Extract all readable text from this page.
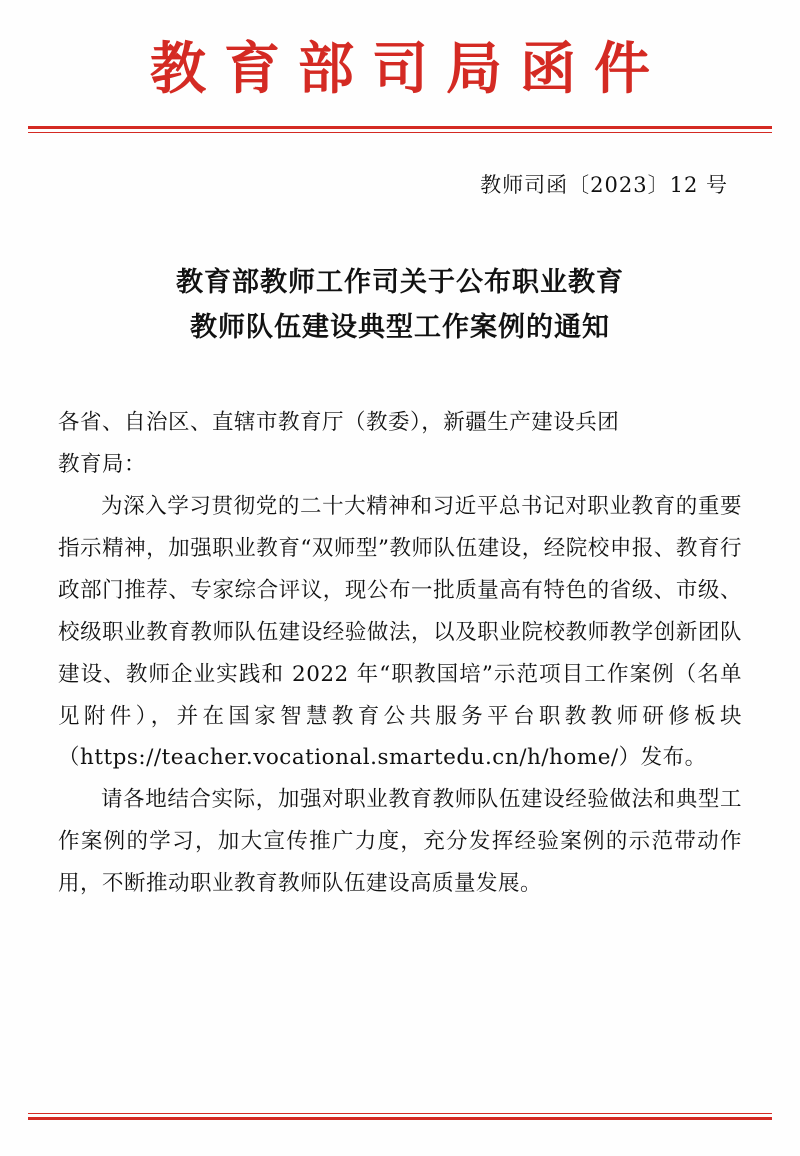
教育部司局函件
教师司函〔2023〕12 号
教育部教师工作司关于公布职业教育
教师队伍建设典型工作案例的通知

各省、自治区、直辖市教育厅（教委），新疆生产建设兵团

教育局：

为深入学习贯彻党的二十大精神和习近平总书记对职业教育的重要指示精神，加强职业教育“双师型”教师队伍建设，经院校申报、教育行政部门推荐、专家综合评议，现公布一批质量高有特色的省级、市级、校级职业教育教师队伍建设经验做法，以及职业院校教师教学创新团队建设、教师企业实践和 2022 年“职教国培”示范项目工作案例（名单见附件），并在国家智慧教育公共服务平台职教教师研修板块（https://teacher.vocational.smartedu.cn/h/home/）发布。

请各地结合实际，加强对职业教育教师队伍建设经验做法和典型工作案例的学习，加大宣传推广力度，充分发挥经验案例的示范带动作用，不断推动职业教育教师队伍建设高质量发展。
